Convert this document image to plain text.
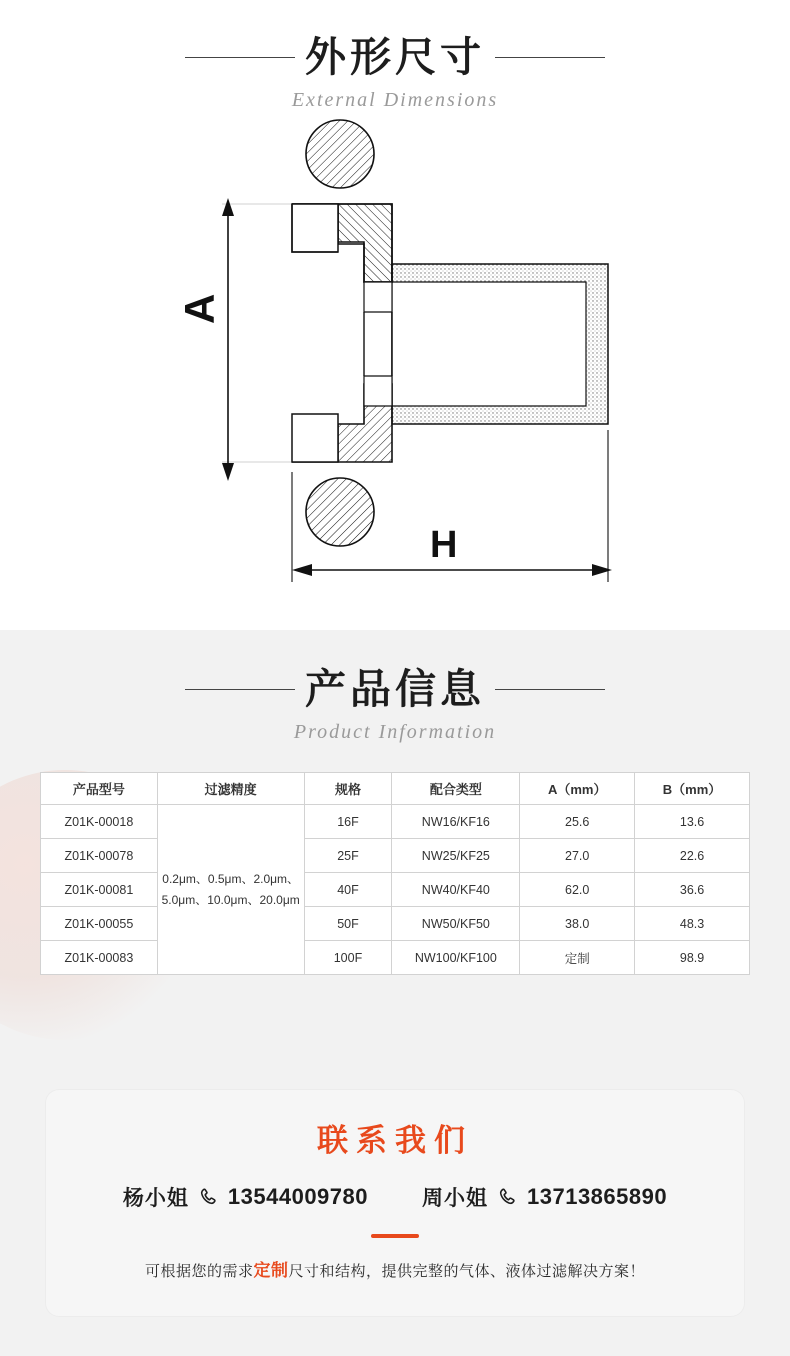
外形尺寸
External Dimensions
A
H
产品信息
Product Information
产品型号	过滤精度	规格	配合类型	A（mm）	B（mm）
Z01K-00018	0.2μm、0.5μm、2.0μm、5.0μm、10.0μm、20.0μm	16F	NW16/KF16	25.6	13.6
Z01K-00078		25F	NW25/KF25	27.0	22.6
Z01K-00081		40F	NW40/KF40	62.0	36.6
Z01K-00055		50F	NW50/KF50	38.0	48.3
Z01K-00083		100F	NW100/KF100	定制	98.9
联系我们
杨小姐 13544009780	周小姐 13713865890
可根据您的需求定制尺寸和结构，提供完整的气体、液体过滤解决方案！
